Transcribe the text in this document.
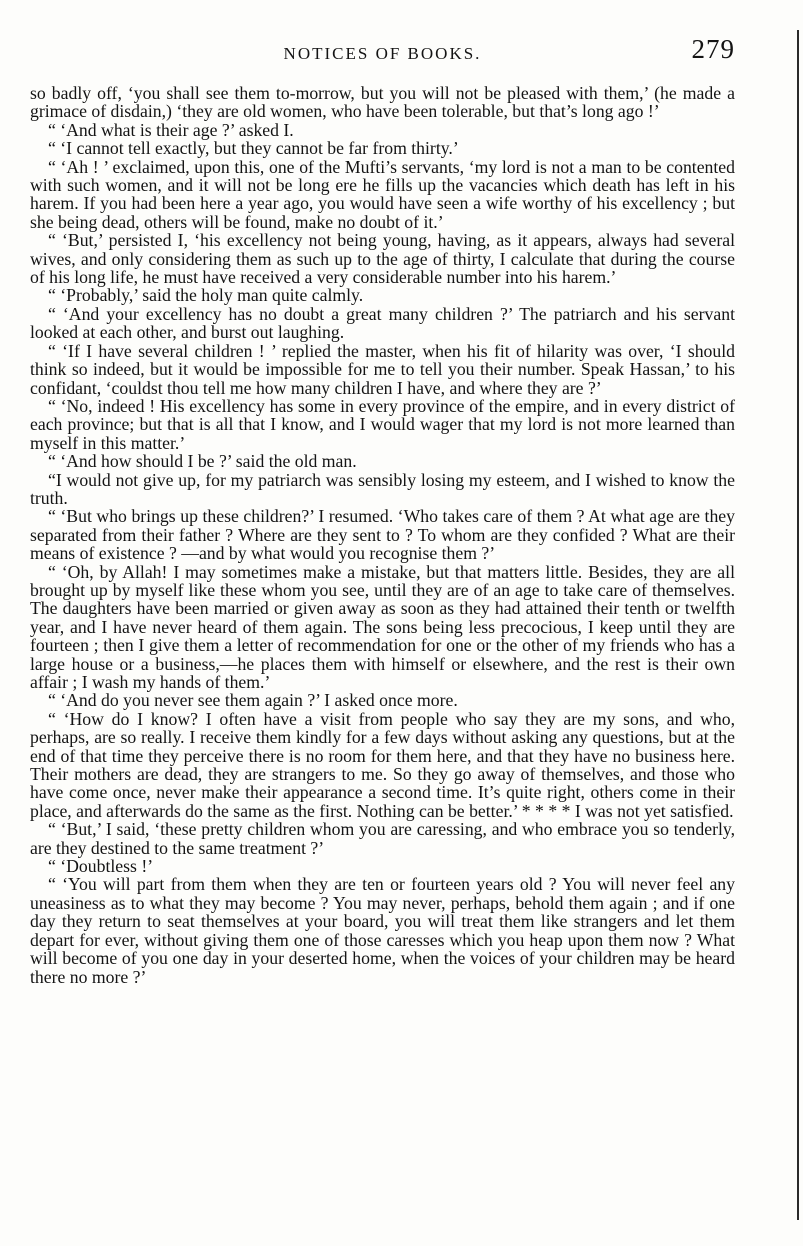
NOTICES OF BOOKS.	279

so badly off, ‘you shall see them to-morrow, but you will not be pleased with them,’ (he made a grimace of disdain,) ‘they are old women, who have been tolerable, but that’s long ago !’

“ ‘And what is their age ?’ asked I.

“ ‘I cannot tell exactly, but they cannot be far from thirty.’

“ ‘Ah ! ’ exclaimed, upon this, one of the Mufti’s servants, ‘my lord is not a man to be contented with such women, and it will not be long ere he fills up the vacancies which death has left in his harem. If you had been here a year ago, you would have seen a wife worthy of his excellency ; but she being dead, others will be found, make no doubt of it.’

“ ‘But,’ persisted I, ‘his excellency not being young, having, as it appears, always had several wives, and only considering them as such up to the age of thirty, I calculate that during the course of his long life, he must have received a very considerable number into his harem.’

“ ‘Probably,’ said the holy man quite calmly.

“ ‘And your excellency has no doubt a great many children ?’ The patriarch and his servant looked at each other, and burst out laughing.

“ ‘If I have several children ! ’ replied the master, when his fit of hilarity was over, ‘I should think so indeed, but it would be impossible for me to tell you their number. Speak Hassan,’ to his confidant, ‘couldst thou tell me how many children I have, and where they are ?’

“ ‘No, indeed ! His excellency has some in every province of the empire, and in every district of each province; but that is all that I know, and I would wager that my lord is not more learned than myself in this matter.’

“ ‘And how should I be ?’ said the old man.

“I would not give up, for my patriarch was sensibly losing my esteem, and I wished to know the truth.

“ ‘But who brings up these children?’ I resumed. ‘Who takes care of them ? At what age are they separated from their father ? Where are they sent to ? To whom are they confided ? What are their means of existence ? —and by what would you recognise them ?’

“ ‘Oh, by Allah! I may sometimes make a mistake, but that matters little. Besides, they are all brought up by myself like these whom you see, until they are of an age to take care of themselves. The daughters have been married or given away as soon as they had attained their tenth or twelfth year, and I have never heard of them again. The sons being less precocious, I keep until they are fourteen ; then I give them a letter of recommendation for one or the other of my friends who has a large house or a business,—he places them with himself or elsewhere, and the rest is their own affair ; I wash my hands of them.’

“ ‘And do you never see them again ?’ I asked once more.

“ ‘How do I know? I often have a visit from people who say they are my sons, and who, perhaps, are so really. I receive them kindly for a few days without asking any questions, but at the end of that time they perceive there is no room for them here, and that they have no business here. Their mothers are dead, they are strangers to me. So they go away of themselves, and those who have come once, never make their appearance a second time. It’s quite right, others come in their place, and afterwards do the same as the first. Nothing can be better.’ * * * * I was not yet satisfied.

“ ‘But,’ I said, ‘these pretty children whom you are caressing, and who embrace you so tenderly, are they destined to the same treatment ?’

“ ‘Doubtless !’

“ ‘You will part from them when they are ten or fourteen years old ? You will never feel any uneasiness as to what they may become ? You may never, perhaps, behold them again ; and if one day they return to seat themselves at your board, you will treat them like strangers and let them depart for ever, without giving them one of those caresses which you heap upon them now ? What will become of you one day in your deserted home, when the voices of your children may be heard there no more ?’
